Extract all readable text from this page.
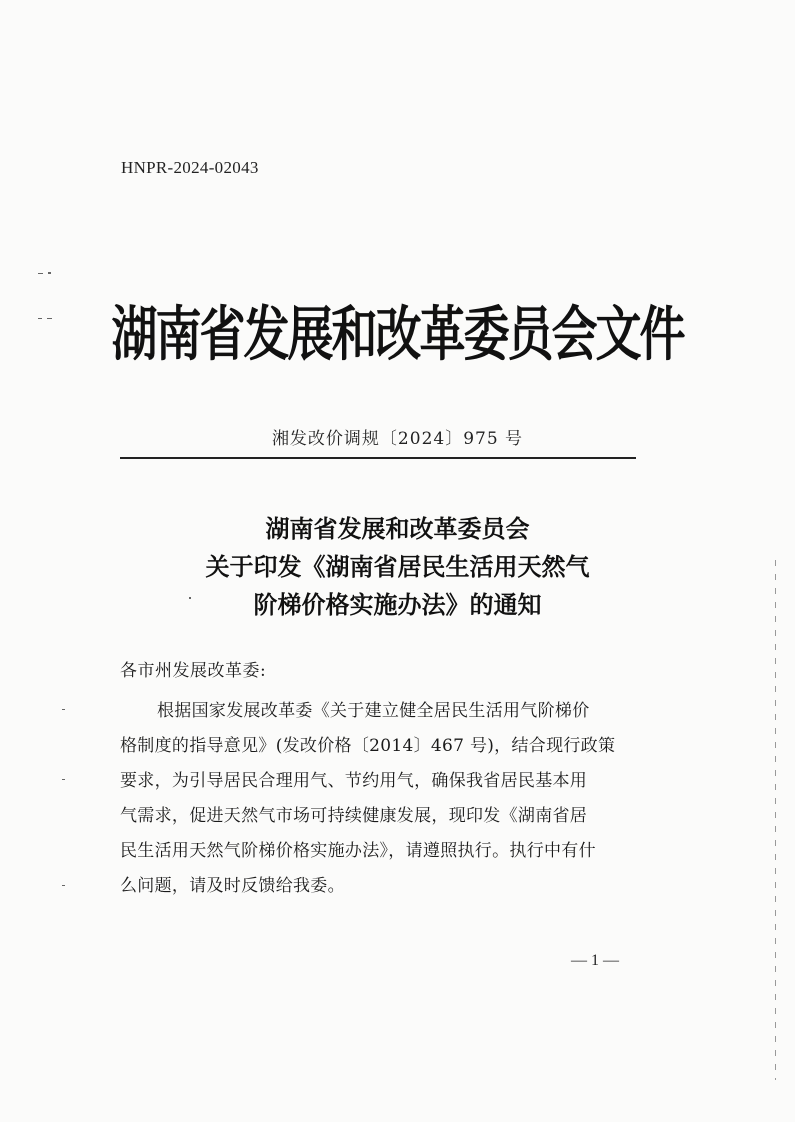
HNPR-2024-02043
湖南省发展和改革委员会文件
湘发改价调规〔2024〕975 号
湖南省发展和改革委员会
关于印发《湖南省居民生活用天然气
阶梯价格实施办法》的通知
各市州发展改革委:
根据国家发展改革委《关于建立健全居民生活用气阶梯价
格制度的指导意见》(发改价格〔2014〕467 号)，结合现行政策
要求，为引导居民合理用气、节约用气，确保我省居民基本用
气需求，促进天然气市场可持续健康发展，现印发《湖南省居
民生活用天然气阶梯价格实施办法》，请遵照执行。执行中有什
么问题，请及时反馈给我委。
— 1 —
